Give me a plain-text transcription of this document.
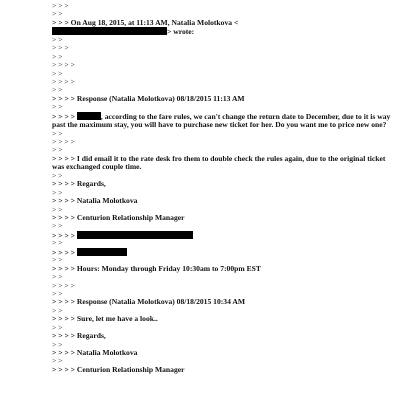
> > >
> >
> > > On Aug 18, 2015, at 11:13 AM, Natalia Molotkova <
> wrote:
> >
> > >
> >
> > > >
> >
> > > >
> >
> > > > Response (Natalia Molotkova) 08/18/2015 11:13 AM
> >
> > > >	, according to the fare rules, we can't change the return date to December, due to it is way past the maximum stay, you will have to purchase new ticket for her. Do you want me to price new one?
> >
> > > >
> >
> > > > I did email it to the rate desk fro them to double check the rules again, due to the original ticket was exchanged couple time.
> >
> > > > Regards,
> >
> > > > Natalia Molotkova
> >
> > > > Centurion Relationship Manager
> >
> > > >
> >
> > > >
> >
> > > > Hours: Monday through Friday 10:30am to 7:00pm EST
> >
> > > >
> >
> > > > Response (Natalia Molotkova) 08/18/2015 10:34 AM
> >
> > > > Sure, let me have a look..
> >
> > > > Regards,
> >
> > > > Natalia Molotkova
> >
> > > > Centurion Relationship Manager
